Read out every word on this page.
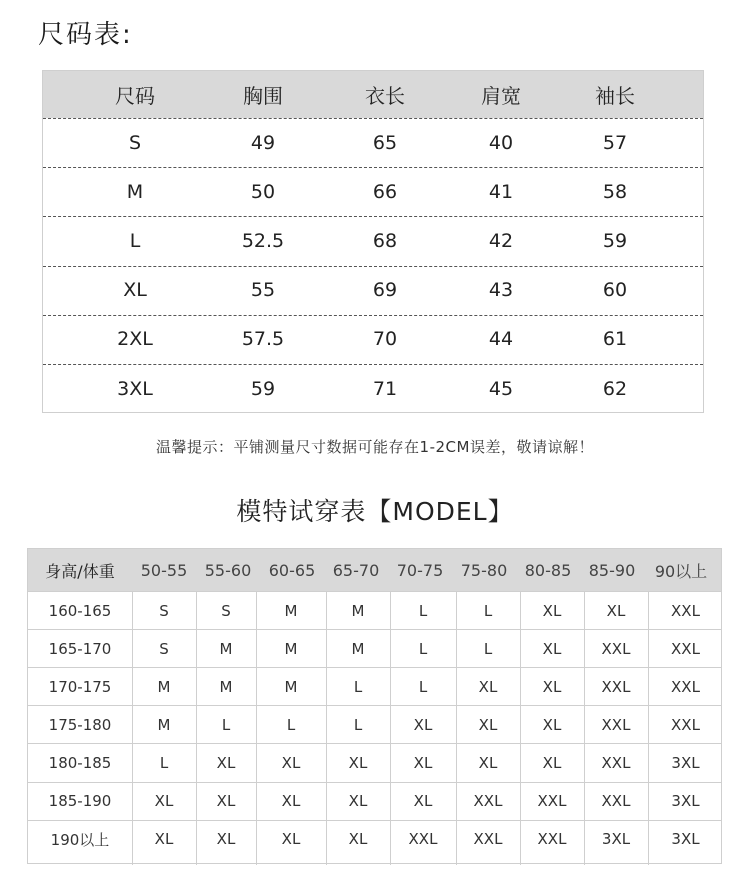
尺码表:
尺码	胸围	衣长	肩宽	袖长
S	49	65	40	57
M	50	66	41	58
L	52.5	68	42	59
XL	55	69	43	60
2XL	57.5	70	44	61
3XL	59	71	45	62
温馨提示：平铺测量尺寸数据可能存在1-2CM误差，敬请谅解！
模特试穿表【MODEL】
身高/体重	50-55	55-60	60-65	65-70	70-75	75-80	80-85	85-90	90以上
160-165	S	S	M	M	L	L	XL	XL	XXL
165-170	S	M	M	M	L	L	XL	XXL	XXL
170-175	M	M	M	L	L	XL	XL	XXL	XXL
175-180	M	L	L	L	XL	XL	XL	XXL	XXL
180-185	L	XL	XL	XL	XL	XL	XL	XXL	3XL
185-190	XL	XL	XL	XL	XL	XXL	XXL	XXL	3XL
190以上	XL	XL	XL	XL	XXL	XXL	XXL	3XL	3XL
